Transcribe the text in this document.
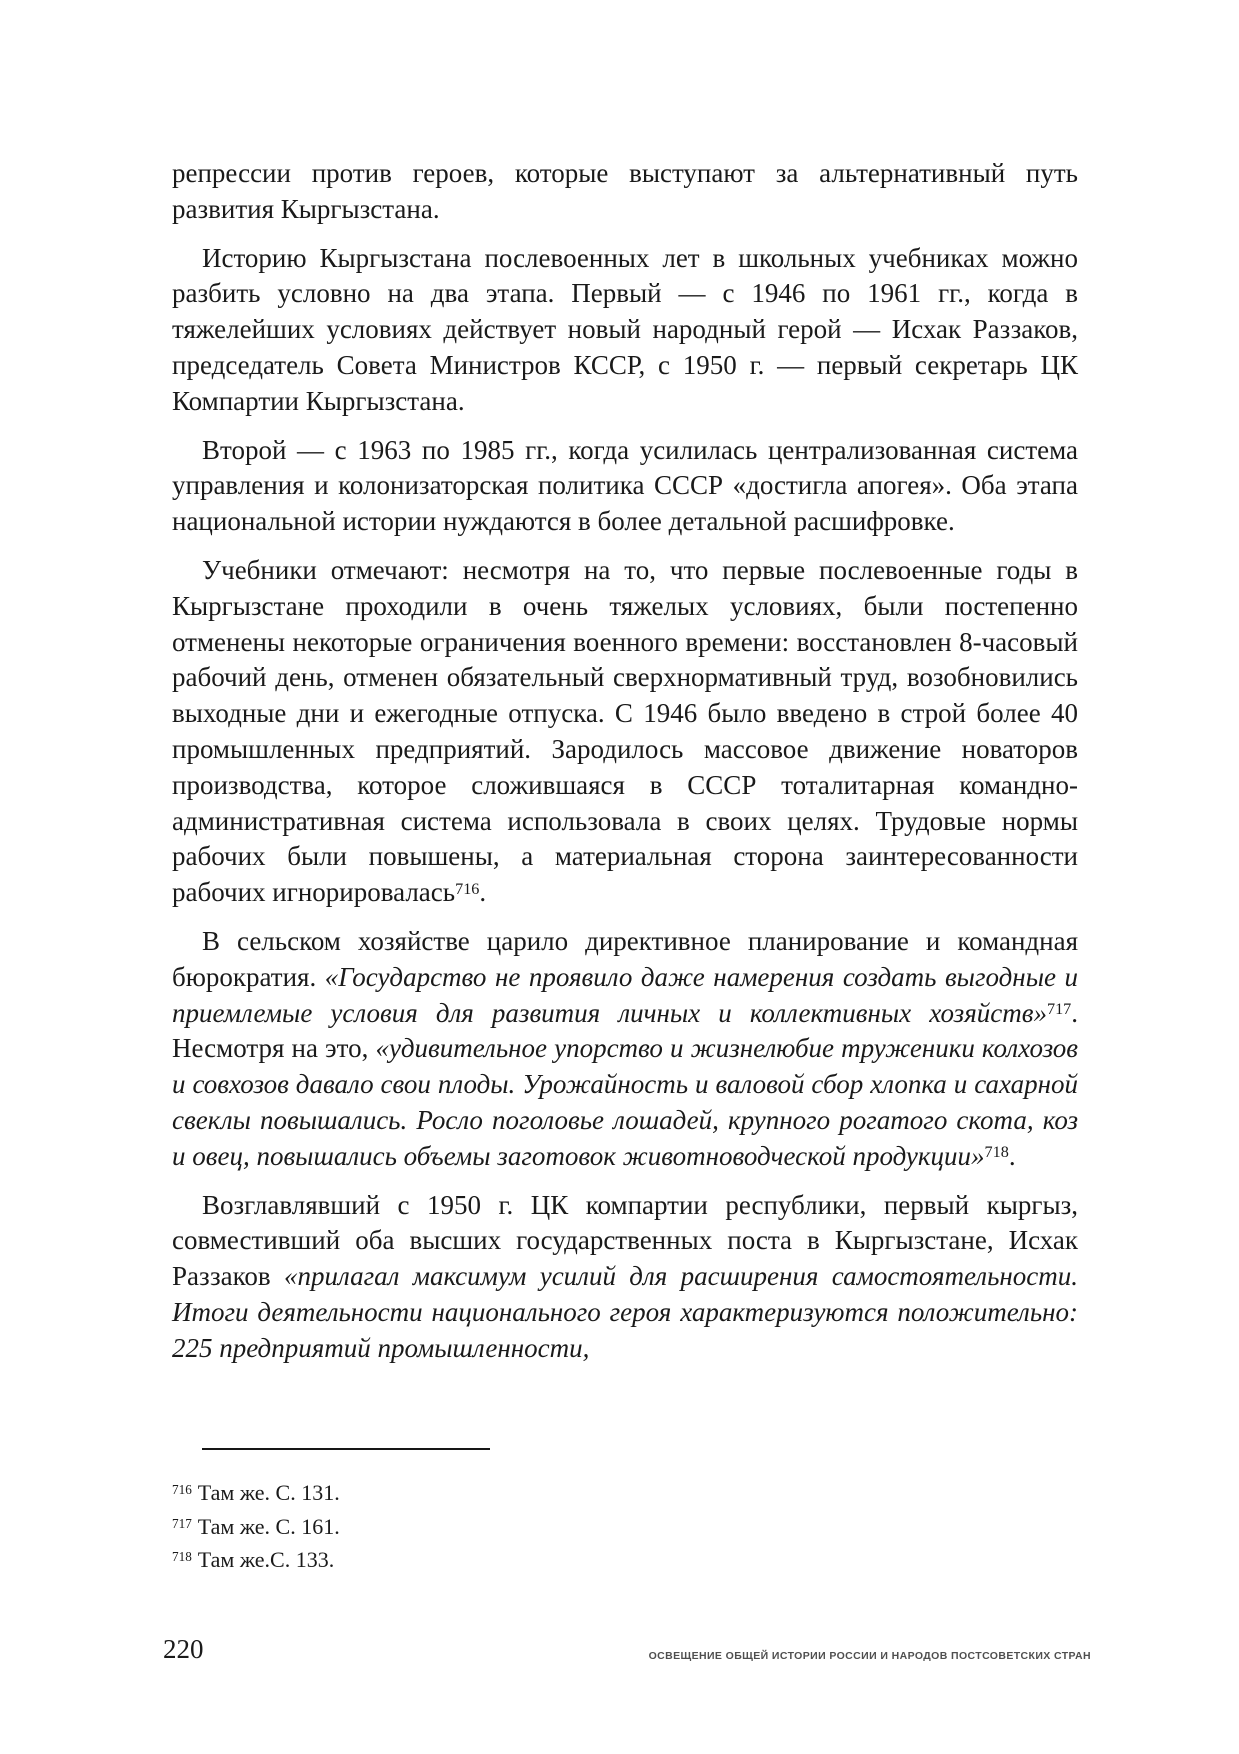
репрессии против героев, которые выступают за альтернативный путь развития Кыргызстана.

Историю Кыргызстана послевоенных лет в школьных учебниках можно разбить условно на два этапа. Первый — с 1946 по 1961 гг., когда в тяжелейших условиях действует новый народный герой — Исхак Раззаков, председатель Совета Министров КССР, с 1950 г. — первый секретарь ЦК Компартии Кыргызстана.

Второй — с 1963 по 1985 гг., когда усилилась централизованная система управления и колонизаторская политика СССР «достигла апогея». Оба этапа национальной истории нуждаются в более детальной расшифровке.

Учебники отмечают: несмотря на то, что первые послевоенные годы в Кыргызстане проходили в очень тяжелых условиях, были постепенно отменены некоторые ограничения военного времени: восстановлен 8-часовый рабочий день, отменен обязательный сверхнормативный труд, возобновились выходные дни и ежегодные отпуска. С 1946 было введено в строй более 40 промышленных предприятий. Зародилось массовое движение новаторов производства, которое сложившаяся в СССР тоталитарная командно-административная система использовала в своих целях. Трудовые нормы рабочих были повышены, а материальная сторона заинтересованности рабочих игнорировалась$^{716}$.

В сельском хозяйстве царило директивное планирование и командная бюрократия. «Государство не проявило даже намерения создать выгодные и приемлемые условия для развития личных и коллективных хозяйств»$^{717}$. Несмотря на это, «удивительное упорство и жизнелюбие труженики колхозов и совхозов давало свои плоды. Урожайность и валовой сбор хлопка и сахарной свеклы повышались. Росло поголовье лошадей, крупного рогатого скота, коз и овец, повышались объемы заготовок животноводческой продукции»$^{718}$.

Возглавлявший с 1950 г. ЦК компартии республики, первый кыргыз, совместивший оба высших государственных поста в Кыргызстане, Исхак Раззаков «прилагал максимум усилий для расширения самостоятельности. Итоги деятельности национального героя характеризуются положительно: 225 предприятий промышленности,

$^{716}$ Там же. С. 131.
$^{717}$ Там же. С. 161.
$^{718}$ Там же.С. 133.
220	ОСВЕЩЕНИЕ ОБЩЕЙ ИСТОРИИ РОССИИ И НАРОДОВ ПОСТСОВЕТСКИХ СТРАН
